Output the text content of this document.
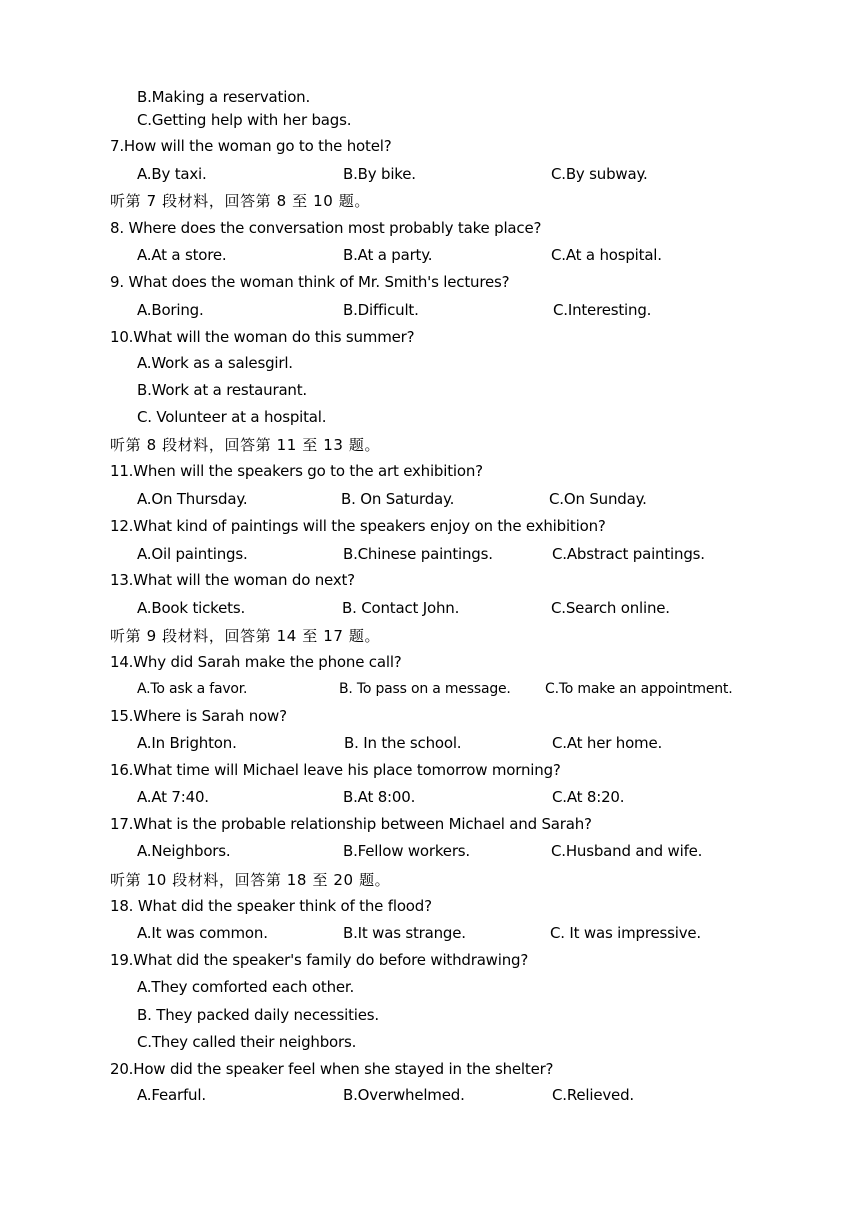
B.Making a reservation.
C.Getting help with her bags.
7.How will the woman go to the hotel?
A.By taxi.	B.By bike.	C.By subway.
听第 7 段材料，回答第 8 至 10 题。
8. Where does the conversation most probably take place?
A.At a store.	B.At a party.	C.At a hospital.
9. What does the woman think of Mr. Smith's lectures?
A.Boring.	B.Difficult.	C.Interesting.
10.What will the woman do this summer?
A.Work as a salesgirl.
B.Work at a restaurant.
C. Volunteer at a hospital.
听第 8 段材料，回答第 11 至 13 题。
11.When will the speakers go to the art exhibition?
A.On Thursday.	B. On Saturday.	C.On Sunday.
12.What kind of paintings will the speakers enjoy on the exhibition?
A.Oil paintings.	B.Chinese paintings.	C.Abstract paintings.
13.What will the woman do next?
A.Book tickets.	B. Contact John.	C.Search online.
听第 9 段材料，回答第 14 至 17 题。
14.Why did Sarah make the phone call?
A.To ask a favor.	B. To pass on a message. C.To make an appointment.
15.Where is Sarah now?
A.In Brighton.	B. In the school.	C.At her home.
16.What time will Michael leave his place tomorrow morning?
A.At 7:40.	B.At 8:00.	C.At 8:20.
17.What is the probable relationship between Michael and Sarah?
A.Neighbors.	B.Fellow workers.	C.Husband and wife.
听第 10 段材料，回答第 18 至 20 题。
18. What did the speaker think of the flood?
A.It was common.	B.It was strange.	C. It was impressive.
19.What did the speaker's family do before withdrawing?
A.They comforted each other.
B. They packed daily necessities.
C.They called their neighbors.
20.How did the speaker feel when she stayed in the shelter?
A.Fearful.	B.Overwhelmed.	C.Relieved.
